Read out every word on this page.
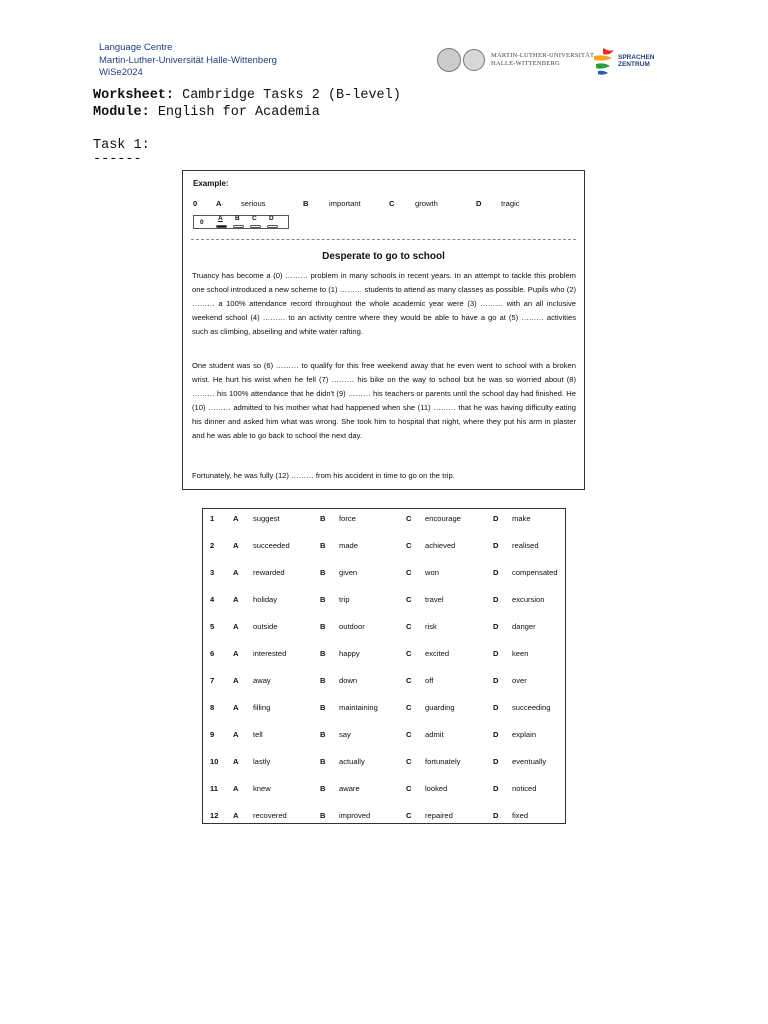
Language Centre
Martin-Luther-Universität Halle-Wittenberg
WiSe2024
MARTIN-LUTHER-UNIVERSITÄT
HALLE-WITTENBERG
SPRACHEN
ZENTRUM
Worksheet: Cambridge Tasks 2 (B-level)
Module: English for Academia
Task 1:
------
Example:
0 A	serious	B	important	C	growth	D	tragic
0
A B C D
Desperate to go to school
Truancy has become a (0) ……… problem in many schools in recent years. In an attempt to tackle this problem one school introduced a new scheme to (1) ……… students to attend as many classes as possible. Pupils who (2) ……… a 100% attendance record throughout the whole academic year were (3) ……… with an all inclusive weekend school (4) ……… to an activity centre where they would be able to have a go at (5) ……… activities such as climbing, abseiling and white water rafting.
One student was so (6) ……… to qualify for this free weekend away that he even went to school with a broken wrist. He hurt his wrist when he fell (7) ……… his bike on the way to school but he was so worried about (8) ……… his 100% attendance that he didn't (9) ……… his teachers or parents until the school day had finished. He (10) ……… admitted to his mother what had happened when she (11) ……… that he was having difficulty eating his dinner and asked him what was wrong. She took him to hospital that night, where they put his arm in plaster and he was able to go back to school the next day.
Fortunately, he was fully (12) ……… from his accident in time to go on the trip.
1 A suggest	B force	C encourage	D make
2 A succeeded	B made	C achieved	D realised
3 A rewarded	B given	C won	D compensated
4 A holiday	B trip	C travel	D excursion
5 A outside	B outdoor	C risk	D danger
6 A interested	B happy	C excited	D keen
7 A away	B down	C off	D over
8 A filling	B maintaining	C guarding	D succeeding
9 A tell	B say	C admit	D explain
10 A lastly	B actually	C fortunately	D eventually
11 A knew	B aware	C looked	D noticed
12 A recovered	B improved	C repaired	D fixed
